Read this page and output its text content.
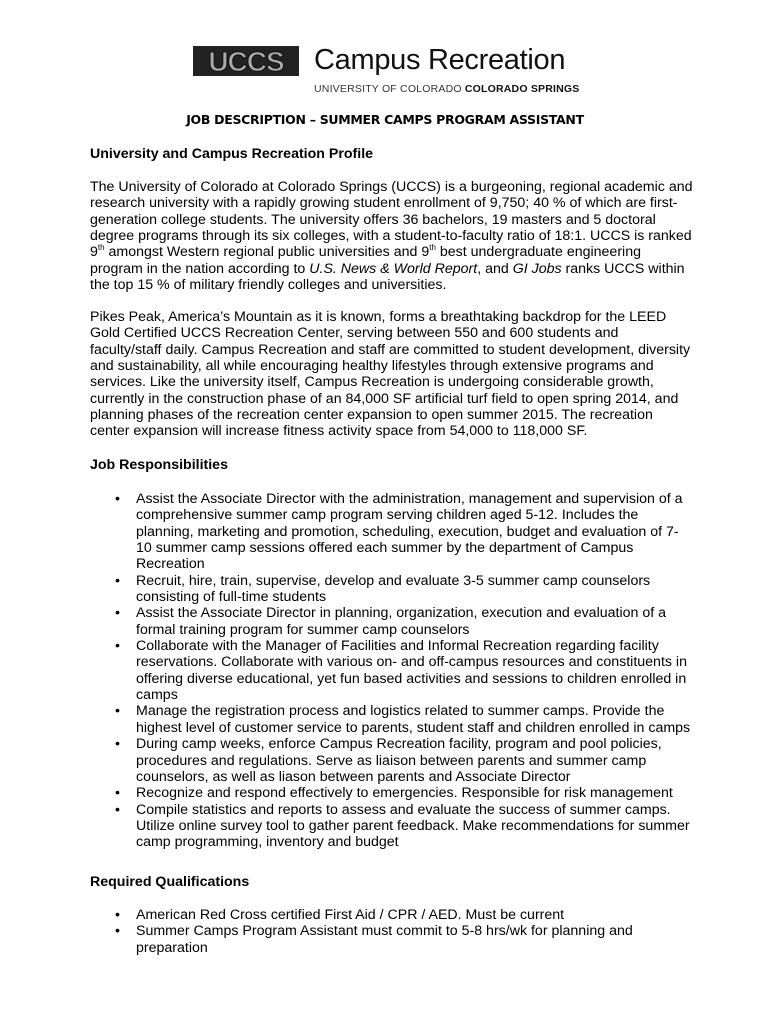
UCCS Campus Recreation
UNIVERSITY OF COLORADO COLORADO SPRINGS
JOB DESCRIPTION – SUMMER CAMPS PROGRAM ASSISTANT
University and Campus Recreation Profile
The University of Colorado at Colorado Springs (UCCS) is a burgeoning, regional academic and
research university with a rapidly growing student enrollment of 9,750; 40 % of which are first-
generation college students. The university offers 36 bachelors, 19 masters and 5 doctoral
degree programs through its six colleges, with a student-to-faculty ratio of 18:1. UCCS is ranked
9th amongst Western regional public universities and 9th best undergraduate engineering
program in the nation according to U.S. News & World Report, and GI Jobs ranks UCCS within
the top 15 % of military friendly colleges and universities.
Pikes Peak, America’s Mountain as it is known, forms a breathtaking backdrop for the LEED
Gold Certified UCCS Recreation Center, serving between 550 and 600 students and
faculty/staff daily. Campus Recreation and staff are committed to student development, diversity
and sustainability, all while encouraging healthy lifestyles through extensive programs and
services. Like the university itself, Campus Recreation is undergoing considerable growth,
currently in the construction phase of an 84,000 SF artificial turf field to open spring 2014, and
planning phases of the recreation center expansion to open summer 2015. The recreation
center expansion will increase fitness activity space from 54,000 to 118,000 SF.
Job Responsibilities
• Assist the Associate Director with the administration, management and supervision of a
comprehensive summer camp program serving children aged 5-12. Includes the
planning, marketing and promotion, scheduling, execution, budget and evaluation of 7-
10 summer camp sessions offered each summer by the department of Campus
Recreation
• Recruit, hire, train, supervise, develop and evaluate 3-5 summer camp counselors
consisting of full-time students
• Assist the Associate Director in planning, organization, execution and evaluation of a
formal training program for summer camp counselors
• Collaborate with the Manager of Facilities and Informal Recreation regarding facility
reservations. Collaborate with various on- and off-campus resources and constituents in
offering diverse educational, yet fun based activities and sessions to children enrolled in
camps
• Manage the registration process and logistics related to summer camps. Provide the
highest level of customer service to parents, student staff and children enrolled in camps
• During camp weeks, enforce Campus Recreation facility, program and pool policies,
procedures and regulations. Serve as liaison between parents and summer camp
counselors, as well as liason between parents and Associate Director
• Recognize and respond effectively to emergencies. Responsible for risk management
• Compile statistics and reports to assess and evaluate the success of summer camps.
Utilize online survey tool to gather parent feedback. Make recommendations for summer
camp programming, inventory and budget
Required Qualifications
• American Red Cross certified First Aid / CPR / AED. Must be current
• Summer Camps Program Assistant must commit to 5-8 hrs/wk for planning and
preparation
